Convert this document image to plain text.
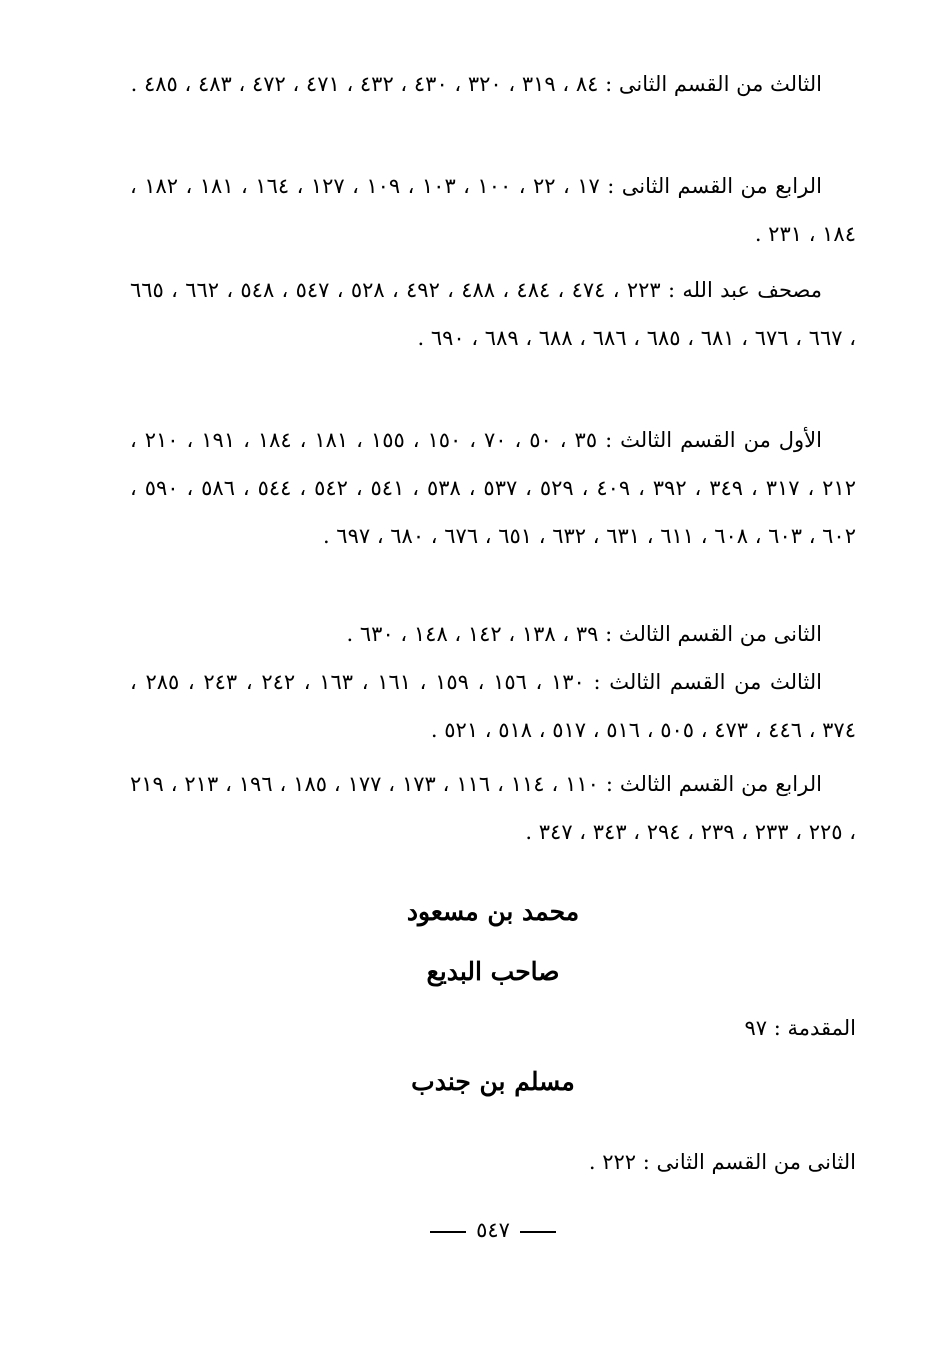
الثالث من القسم الثانى : ٨٤ ، ٣١٩ ، ٣٢٠ ، ٤٣٠ ، ٤٣٢ ، ٤٧١ ، ٤٧٢ ، ٤٨٣ ، ٤٨٥ .
الرابع من القسم الثانى : ١٧ ، ٢٢ ، ١٠٠ ، ١٠٣ ، ١٠٩ ، ١٢٧ ، ١٦٤ ، ١٨١ ، ١٨٢ ، ١٨٤ ، ٢٣١ .
مصحف عبد الله : ٢٢٣ ، ٤٧٤ ، ٤٨٤ ، ٤٨٨ ، ٤٩٢ ، ٥٢٨ ، ٥٤٧ ، ٥٤٨ ، ٦٦٢ ، ٦٦٥ ، ٦٦٧ ، ٦٧٦ ، ٦٨١ ، ٦٨٥ ، ٦٨٦ ، ٦٨٨ ، ٦٨٩ ، ٦٩٠ .
الأول من القسم الثالث : ٣٥ ، ٥٠ ، ٧٠ ، ١٥٠ ، ١٥٥ ، ١٨١ ، ١٨٤ ، ١٩١ ، ٢١٠ ، ٢١٢ ، ٣١٧ ، ٣٤٩ ، ٣٩٢ ، ٤٠٩ ، ٥٢٩ ، ٥٣٧ ، ٥٣٨ ، ٥٤١ ، ٥٤٢ ، ٥٤٤ ، ٥٨٦ ، ٥٩٠ ، ٦٠٢ ، ٦٠٣ ، ٦٠٨ ، ٦١١ ، ٦٣١ ، ٦٣٢ ، ٦٥١ ، ٦٧٦ ، ٦٨٠ ، ٦٩٧ .
الثانى من القسم الثالث : ٣٩ ، ١٣٨ ، ١٤٢ ، ١٤٨ ، ٦٣٠ .
الثالث من القسم الثالث : ١٣٠ ، ١٥٦ ، ١٥٩ ، ١٦١ ، ١٦٣ ، ٢٤٢ ، ٢٤٣ ، ٢٨٥ ، ٣٧٤ ، ٤٤٦ ، ٤٧٣ ، ٥٠٥ ، ٥١٦ ، ٥١٧ ، ٥١٨ ، ٥٢١ .
الرابع من القسم الثالث : ١١٠ ، ١١٤ ، ١١٦ ، ١٧٣ ، ١٧٧ ، ١٨٥ ، ١٩٦ ، ٢١٣ ، ٢١٩ ، ٢٢٥ ، ٢٣٣ ، ٢٣٩ ، ٢٩٤ ، ٣٤٣ ، ٣٤٧ .
محمد بن مسعود
صاحب البديع
المقدمة : ٩٧
مسلم بن جندب
الثانى من القسم الثانى : ٢٢٢ .
٥٤٧
